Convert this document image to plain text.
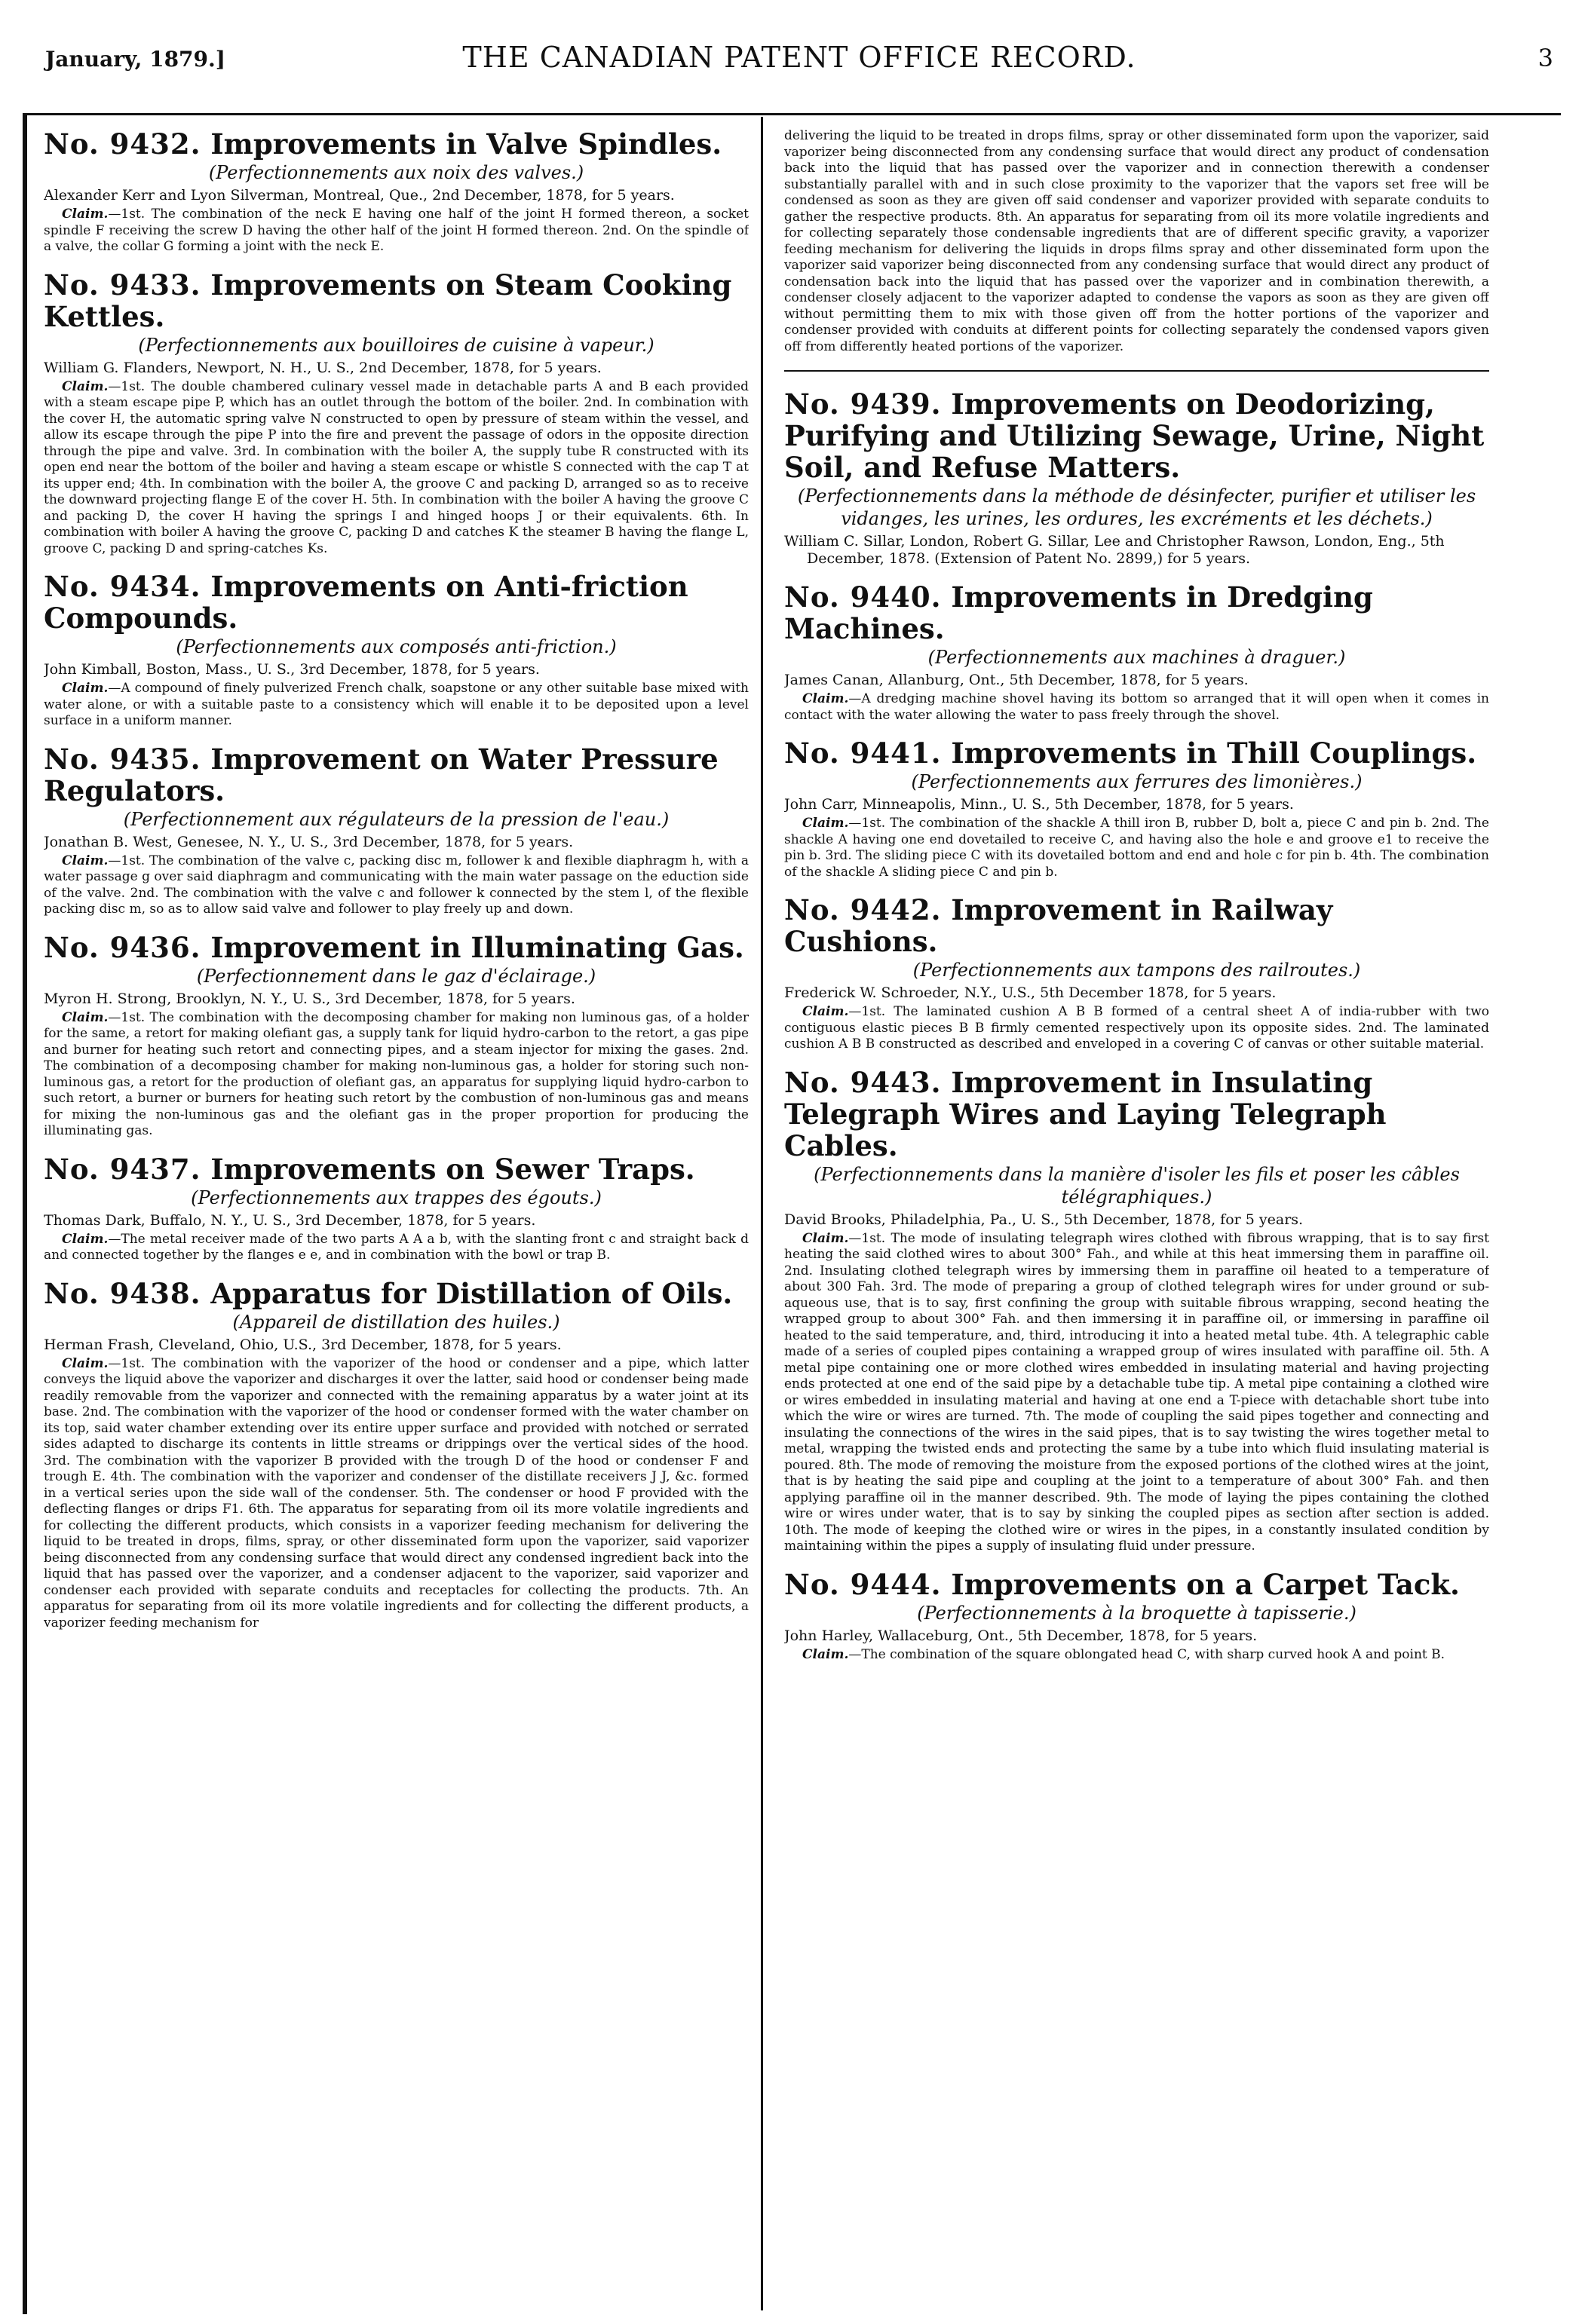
January, 1879.]	THE CANADIAN PATENT OFFICE RECORD.	3
No. 9432. Improvements in Valve Spindles.
(Perfectionnements aux noix des valves.)
Alexander Kerr and Lyon Silverman, Montreal, Que., 2nd December, 1878, for 5 years.

Claim.—1st. The combination of the neck E having one half of the joint H formed thereon, a socket spindle F receiving the screw D having the other half of the joint H formed thereon. 2nd. On the spindle of a valve, the collar G forming a joint with the neck E.

No. 9433. Improvements on Steam Cooking Kettles.
(Perfectionnements aux bouilloires de cuisine à vapeur.)
William G. Flanders, Newport, N. H., U. S., 2nd December, 1878, for 5 years.

Claim.—1st. The double chambered culinary vessel made in detachable parts A and B each provided with a steam escape pipe P, which has an outlet through the bottom of the boiler. 2nd. In combination with the cover H, the automatic spring valve N constructed to open by pressure of steam within the vessel, and allow its escape through the pipe P into the fire and prevent the passage of odors in the opposite direction through the pipe and valve. 3rd. In combination with the boiler A, the supply tube R constructed with its open end near the bottom of the boiler and having a steam escape or whistle S connected with the cap T at its upper end; 4th. In combination with the boiler A, the groove C and packing D, arranged so as to receive the downward projecting flange E of the cover H. 5th. In combination with the boiler A having the groove C and packing D, the cover H having the springs I and hinged hoops J or their equivalents. 6th. In combination with boiler A having the groove C, packing D and catches K the steamer B having the flange L, groove C, packing D and spring-catches Ks.

No. 9434. Improvements on Anti-friction Compounds.
(Perfectionnements aux composés anti-friction.)
John Kimball, Boston, Mass., U. S., 3rd December, 1878, for 5 years.

Claim.—A compound of finely pulverized French chalk, soapstone or any other suitable base mixed with water alone, or with a suitable paste to a consistency which will enable it to be deposited upon a level surface in a uniform manner.

No. 9435. Improvement on Water Pressure Regulators.
(Perfectionnement aux régulateurs de la pression de l'eau.)
Jonathan B. West, Genesee, N. Y., U. S., 3rd December, 1878, for 5 years.

Claim.—1st. The combination of the valve c, packing disc m, follower k and flexible diaphragm h, with a water passage g over said diaphragm and communicating with the main water passage on the eduction side of the valve. 2nd. The combination with the valve c and follower k connected by the stem l, of the flexible packing disc m, so as to allow said valve and follower to play freely up and down.

No. 9436. Improvement in Illuminating Gas.
(Perfectionnement dans le gaz d'éclairage.)
Myron H. Strong, Brooklyn, N. Y., U. S., 3rd December, 1878, for 5 years.

Claim.—1st. The combination with the decomposing chamber for making non luminous gas, of a holder for the same, a retort for making olefiant gas, a supply tank for liquid hydro-carbon to the retort, a gas pipe and burner for heating such retort and connecting pipes, and a steam injector for mixing the gases. 2nd. The combination of a decomposing chamber for making non-luminous gas, a holder for storing such non-luminous gas, a retort for the production of olefiant gas, an apparatus for supplying liquid hydro-carbon to such retort, a burner or burners for heating such retort by the combustion of non-luminous gas and means for mixing the non-luminous gas and the olefiant gas in the proper proportion for producing the illuminating gas.

No. 9437. Improvements on Sewer Traps.
(Perfectionnements aux trappes des égouts.)
Thomas Dark, Buffalo, N. Y., U. S., 3rd December, 1878, for 5 years.

Claim.—The metal receiver made of the two parts A A a b, with the slanting front c and straight back d and connected together by the flanges e e, and in combination with the bowl or trap B.

No. 9438. Apparatus for Distillation of Oils.
(Appareil de distillation des huiles.)
Herman Frash, Cleveland, Ohio, U.S., 3rd December, 1878, for 5 years.

Claim.—1st. The combination with the vaporizer of the hood or condenser and a pipe, which latter conveys the liquid above the vaporizer and discharges it over the latter, said hood or condenser being made readily removable from the vaporizer and connected with the remaining apparatus by a water joint at its base. 2nd. The combination with the vaporizer of the hood or condenser formed with the water chamber on its top, said water chamber extending over its entire upper surface and provided with notched or serrated sides adapted to discharge its contents in little streams or drippings over the vertical sides of the hood. 3rd. The combination with the vaporizer B provided with the trough D of the hood or condenser F and trough E. 4th. The combination with the vaporizer and condenser of the distillate receivers J J, &c. formed in a vertical series upon the side wall of the condenser. 5th. The condenser or hood F provided with the deflecting flanges or drips F1. 6th. The apparatus for separating from oil its more volatile ingredients and for collecting the different products, which consists in a vaporizer feeding mechanism for delivering the liquid to be treated in drops, films, spray, or other disseminated form upon the vaporizer, said vaporizer being disconnected from any condensing surface that would direct any condensed ingredient back into the liquid that has passed over the vaporizer, and a condenser adjacent to the vaporizer, said vaporizer and condenser each provided with separate conduits and receptacles for collecting the products. 7th. An apparatus for separating from oil its more volatile ingredients and for collecting the different products, a vaporizer feeding mechanism for

delivering the liquid to be treated in drops films, spray or other disseminated form upon the vaporizer, said vaporizer being disconnected from any condensing surface that would direct any product of condensation back into the liquid that has passed over the vaporizer and in connection therewith a condenser substantially parallel with and in such close proximity to the vaporizer that the vapors set free will be condensed as soon as they are given off said condenser and vaporizer provided with separate conduits to gather the respective products. 8th. An apparatus for separating from oil its more volatile ingredients and for collecting separately those condensable ingredients that are of different specific gravity, a vaporizer feeding mechanism for delivering the liquids in drops films spray and other disseminated form upon the vaporizer said vaporizer being disconnected from any condensing surface that would direct any product of condensation back into the liquid that has passed over the vaporizer and in combination therewith, a condenser closely adjacent to the vaporizer adapted to condense the vapors as soon as they are given off without permitting them to mix with those given off from the hotter portions of the vaporizer and condenser provided with conduits at different points for collecting separately the condensed vapors given off from differently heated portions of the vaporizer.

No. 9439. Improvements on Deodorizing, Purifying and Utilizing Sewage, Urine, Night Soil, and Refuse Matters.
(Perfectionnements dans la méthode de désinfecter, purifier et utiliser les vidanges, les urines, les ordures, les excréments et les déchets.)
William C. Sillar, London, Robert G. Sillar, Lee and Christopher Rawson, London, Eng., 5th December, 1878. (Extension of Patent No. 2899,) for 5 years.
No. 9440. Improvements in Dredging Machines.
(Perfectionnements aux machines à draguer.)
James Canan, Allanburg, Ont., 5th December, 1878, for 5 years.

Claim.—A dredging machine shovel having its bottom so arranged that it will open when it comes in contact with the water allowing the water to pass freely through the shovel.

No. 9441. Improvements in Thill Couplings.
(Perfectionnements aux ferrures des limonières.)
John Carr, Minneapolis, Minn., U. S., 5th December, 1878, for 5 years.

Claim.—1st. The combination of the shackle A thill iron B, rubber D, bolt a, piece C and pin b. 2nd. The shackle A having one end dovetailed to receive C, and having also the hole e and groove e1 to receive the pin b. 3rd. The sliding piece C with its dovetailed bottom and end and hole c for pin b. 4th. The combination of the shackle A sliding piece C and pin b.

No. 9442. Improvement in Railway Cushions.
(Perfectionnements aux tampons des railroutes.)
Frederick W. Schroeder, N.Y., U.S., 5th December 1878, for 5 years.

Claim.—1st. The laminated cushion A B B formed of a central sheet A of india-rubber with two contiguous elastic pieces B B firmly cemented respectively upon its opposite sides. 2nd. The laminated cushion A B B constructed as described and enveloped in a covering C of canvas or other suitable material.

No. 9443. Improvement in Insulating Telegraph Wires and Laying Telegraph Cables.
(Perfectionnements dans la manière d'isoler les fils et poser les câbles télégraphiques.)
David Brooks, Philadelphia, Pa., U. S., 5th December, 1878, for 5 years.

Claim.—1st. The mode of insulating telegraph wires clothed with fibrous wrapping, that is to say first heating the said clothed wires to about 300° Fah., and while at this heat immersing them in paraffine oil. 2nd. Insulating clothed telegraph wires by immersing them in paraffine oil heated to a temperature of about 300 Fah. 3rd. The mode of preparing a group of clothed telegraph wires for under ground or sub-aqueous use, that is to say, first confining the group with suitable fibrous wrapping, second heating the wrapped group to about 300° Fah. and then immersing it in paraffine oil, or immersing in paraffine oil heated to the said temperature, and, third, introducing it into a heated metal tube. 4th. A telegraphic cable made of a series of coupled pipes containing a wrapped group of wires insulated with paraffine oil. 5th. A metal pipe containing one or more clothed wires embedded in insulating material and having projecting ends protected at one end of the said pipe by a detachable tube tip. A metal pipe containing a clothed wire or wires embedded in insulating material and having at one end a T-piece with detachable short tube into which the wire or wires are turned. 7th. The mode of coupling the said pipes together and connecting and insulating the connections of the wires in the said pipes, that is to say twisting the wires together metal to metal, wrapping the twisted ends and protecting the same by a tube into which fluid insulating material is poured. 8th. The mode of removing the moisture from the exposed portions of the clothed wires at the joint, that is by heating the said pipe and coupling at the joint to a temperature of about 300° Fah. and then applying paraffine oil in the manner described. 9th. The mode of laying the pipes containing the clothed wire or wires under water, that is to say by sinking the coupled pipes as section after section is added. 10th. The mode of keeping the clothed wire or wires in the pipes, in a constantly insulated condition by maintaining within the pipes a supply of insulating fluid under pressure.

No. 9444. Improvements on a Carpet Tack.
(Perfectionnements à la broquette à tapisserie.)
John Harley, Wallaceburg, Ont., 5th December, 1878, for 5 years.

Claim.—The combination of the square oblongated head C, with sharp curved hook A and point B.
